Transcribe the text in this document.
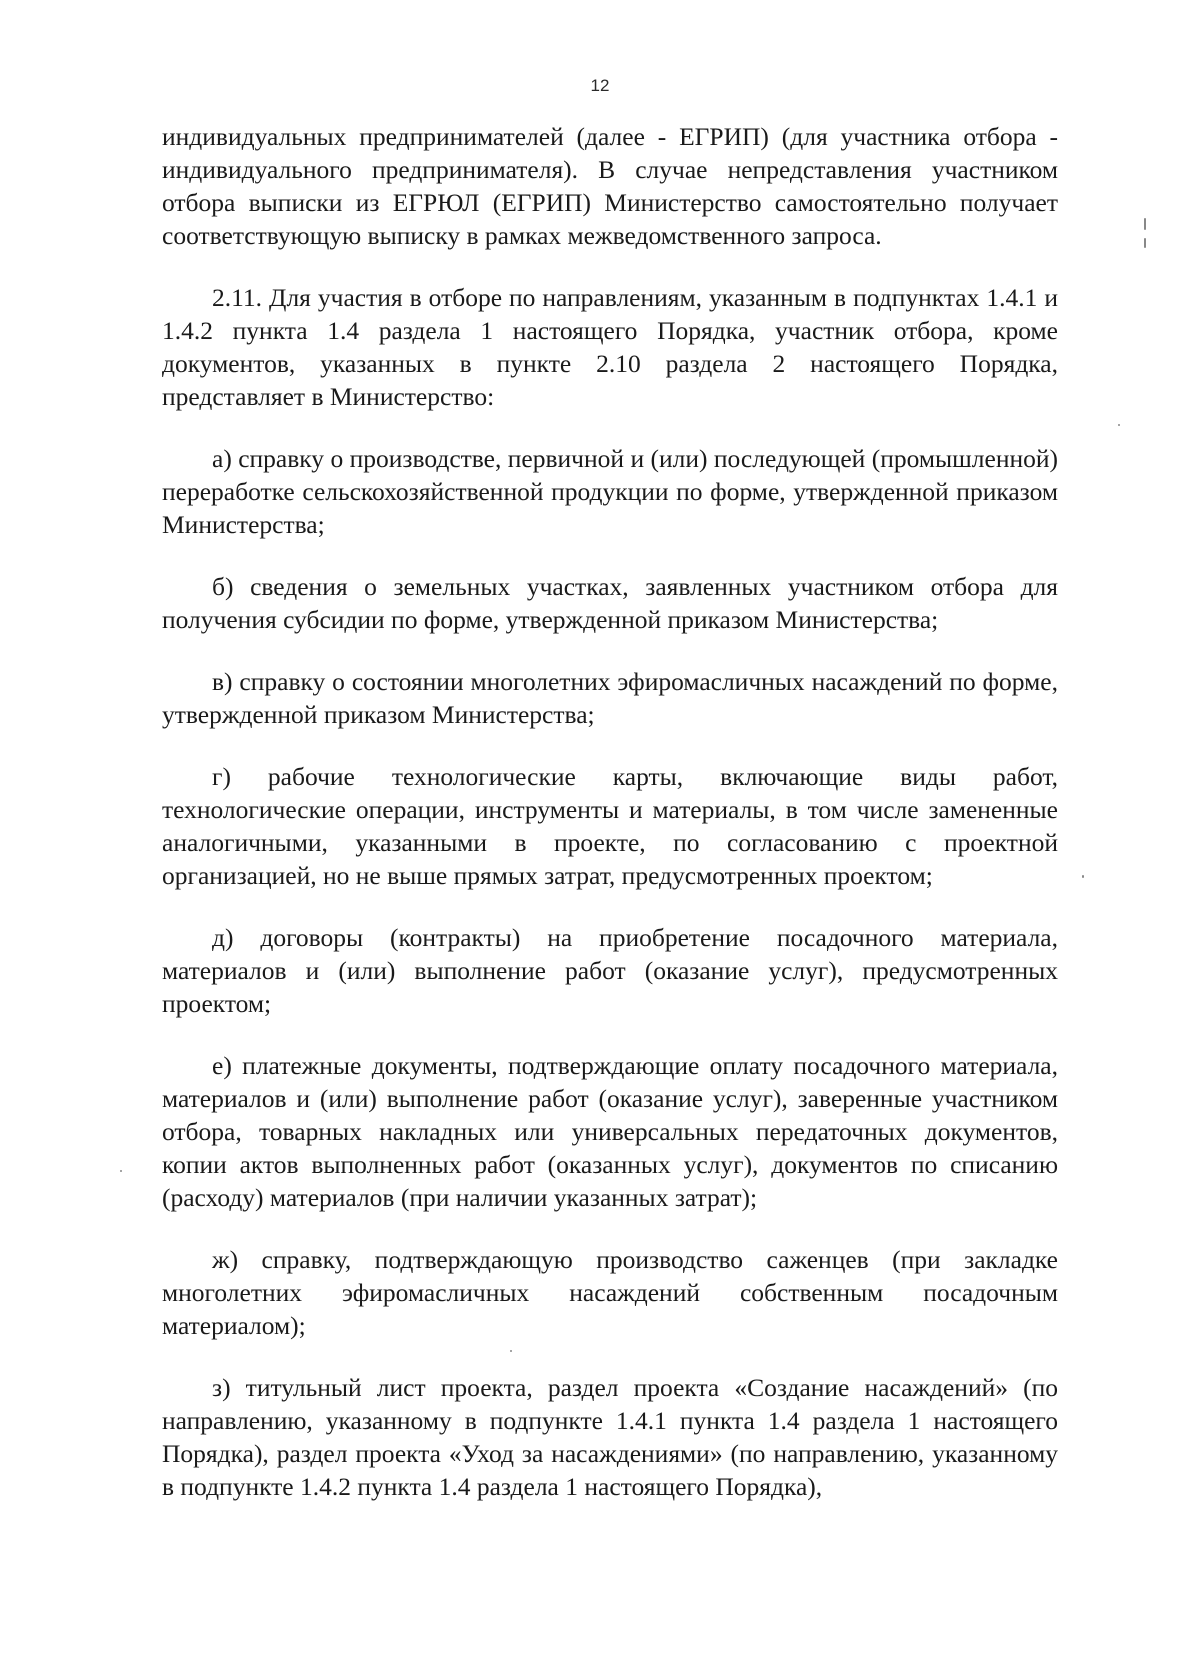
12

индивидуальных предпринимателей (далее - ЕГРИП) (для участника отбора - индивидуального предпринимателя). В случае непредставления участником отбора выписки из ЕГРЮЛ (ЕГРИП) Министерство самостоятельно получает соответствующую выписку в рамках межведомственного запроса.

2.11. Для участия в отборе по направлениям, указанным в подпунктах 1.4.1 и 1.4.2 пункта 1.4 раздела 1 настоящего Порядка, участник отбора, кроме документов, указанных в пункте 2.10 раздела 2 настоящего Порядка, представляет в Министерство:

а) справку о производстве, первичной и (или) последующей (промышленной) переработке сельскохозяйственной продукции по форме, утвержденной приказом Министерства;

б) сведения о земельных участках, заявленных участником отбора для получения субсидии по форме, утвержденной приказом Министерства;

в) справку о состоянии многолетних эфиромасличных насаждений по форме, утвержденной приказом Министерства;

г) рабочие технологические карты, включающие виды работ, технологические операции, инструменты и материалы, в том числе замененные аналогичными, указанными в проекте, по согласованию с проектной организацией, но не выше прямых затрат, предусмотренных проектом;

д) договоры (контракты) на приобретение посадочного материала, материалов и (или) выполнение работ (оказание услуг), предусмотренных проектом;

е) платежные документы, подтверждающие оплату посадочного материала, материалов и (или) выполнение работ (оказание услуг), заверенные участником отбора, товарных накладных или универсальных передаточных документов, копии актов выполненных работ (оказанных услуг), документов по списанию (расходу) материалов (при наличии указанных затрат);

ж) справку, подтверждающую производство саженцев (при закладке многолетних эфиромасличных насаждений собственным посадочным материалом);

з) титульный лист проекта, раздел проекта «Создание насаждений» (по направлению, указанному в подпункте 1.4.1 пункта 1.4 раздела 1 настоящего Порядка), раздел проекта «Уход за насаждениями» (по направлению, указанному в подпункте 1.4.2 пункта 1.4 раздела 1 настоящего Порядка),
